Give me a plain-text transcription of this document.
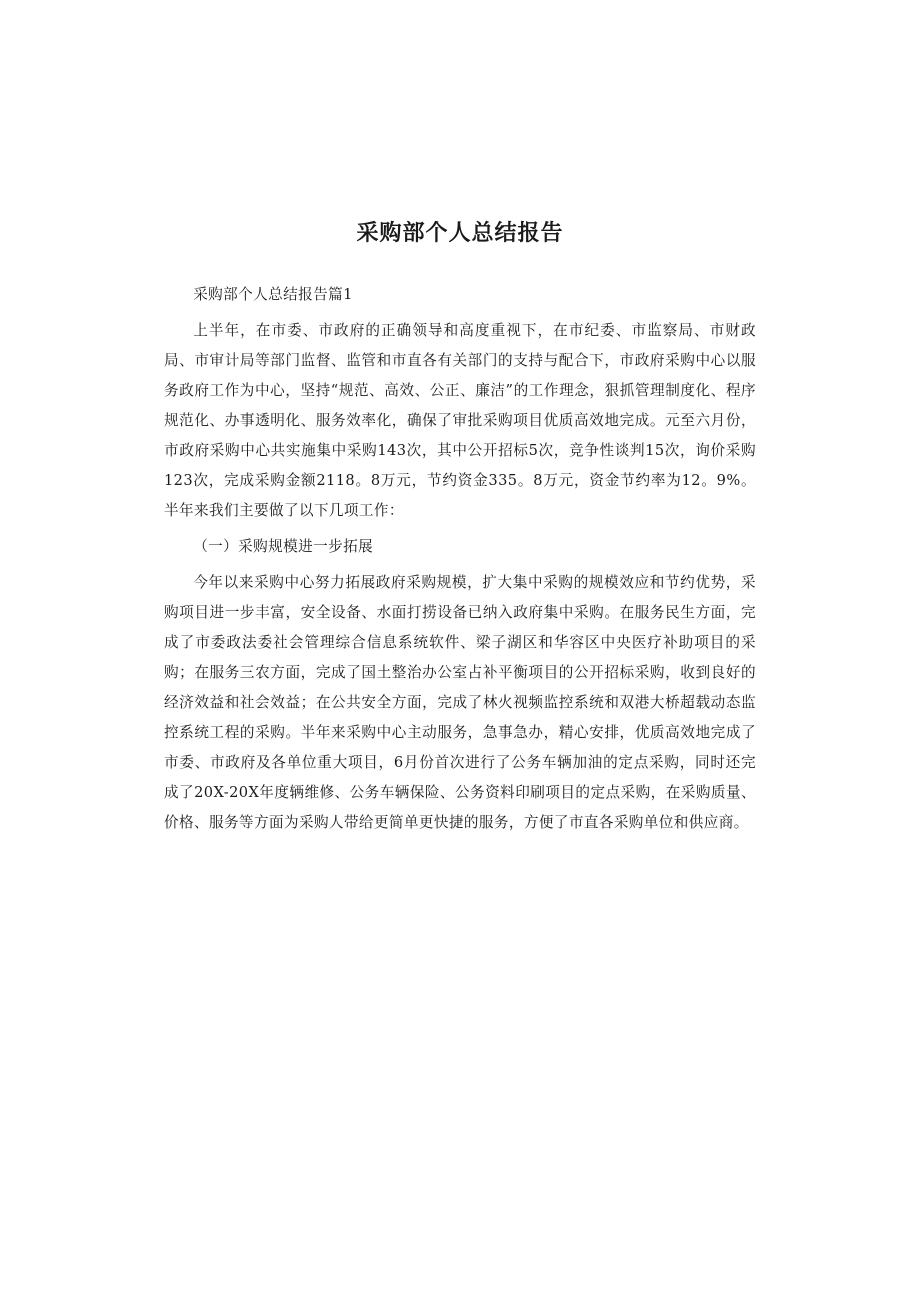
采购部个人总结报告

采购部个人总结报告篇1

上半年，在市委、市政府的正确领导和高度重视下，在市纪委、市监察局、市财政局、市审计局等部门监督、监管和市直各有关部门的支持与配合下，市政府采购中心以服务政府工作为中心，坚持“规范、高效、公正、廉洁”的工作理念，狠抓管理制度化、程序规范化、办事透明化、服务效率化，确保了审批采购项目优质高效地完成。元至六月份，市政府采购中心共实施集中采购143次，其中公开招标5次，竞争性谈判15次，询价采购123次，完成采购金额2118。8万元，节约资金335。8万元，资金节约率为12。9%。半年来我们主要做了以下几项工作：

（一）采购规模进一步拓展

今年以来采购中心努力拓展政府采购规模，扩大集中采购的规模效应和节约优势，采购项目进一步丰富，安全设备、水面打捞设备已纳入政府集中采购。在服务民生方面，完成了市委政法委社会管理综合信息系统软件、梁子湖区和华容区中央医疗补助项目的采购；在服务三农方面，完成了国土整治办公室占补平衡项目的公开招标采购，收到良好的经济效益和社会效益；在公共安全方面，完成了林火视频监控系统和双港大桥超载动态监控系统工程的采购。半年来采购中心主动服务，急事急办，精心安排，优质高效地完成了市委、市政府及各单位重大项目，6月份首次进行了公务车辆加油的定点采购，同时还完成了20X-20X年度辆维修、公务车辆保险、公务资料印刷项目的定点采购，在采购质量、价格、服务等方面为采购人带给更简单更快捷的服务，方便了市直各采购单位和供应商。
